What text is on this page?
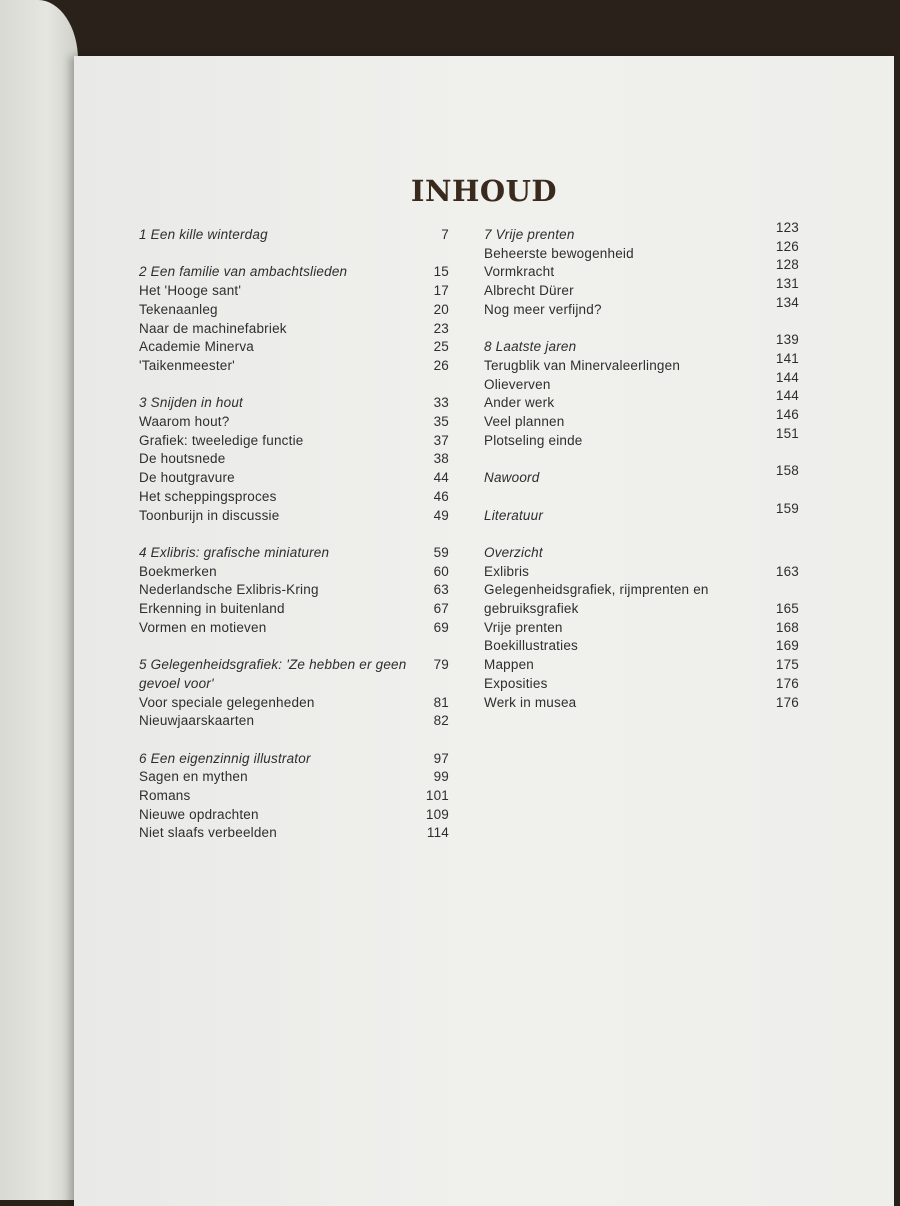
INHOUD
1 Een kille winterdag	7
2 Een familie van ambachtslieden	15
Het 'Hooge sant'	17
Tekenaanleg	20
Naar de machinefabriek	23
Academie Minerva	25
'Taikenmeester'	26
3 Snijden in hout	33
Waarom hout?	35
Grafiek: tweeledige functie	37
De houtsnede	38
De houtgravure	44
Het scheppingsproces	46
Toonburijn in discussie	49
4 Exlibris: grafische miniaturen	59
Boekmerken	60
Nederlandsche Exlibris-Kring	63
Erkenning in buitenland	67
Vormen en motieven	69
5 Gelegenheidsgrafiek: 'Ze hebben er geen gevoel voor'
79
Voor speciale gelegenheden	81
Nieuwjaarskaarten	82
6 Een eigenzinnig illustrator	97
Sagen en mythen	99
Romans	101
Nieuwe opdrachten	109
Niet slaafs verbeelden	114
7 Vrije prenten	123
Beheerste bewogenheid	126
Vormkracht	128
Albrecht Dürer	131
Nog meer verfijnd?	134
8 Laatste jaren	139
Terugblik van Minervaleerlingen	141
Olieverven	144
Ander werk	144
Veel plannen	146
Plotseling einde	151
Nawoord	158
Literatuur	159
Overzicht
Exlibris	163
Gelegenheidsgrafiek, rijmprenten en
gebruiksgrafiek	165
Vrije prenten	168
Boekillustraties	169
Mappen	175
Exposities	176
Werk in musea	176
